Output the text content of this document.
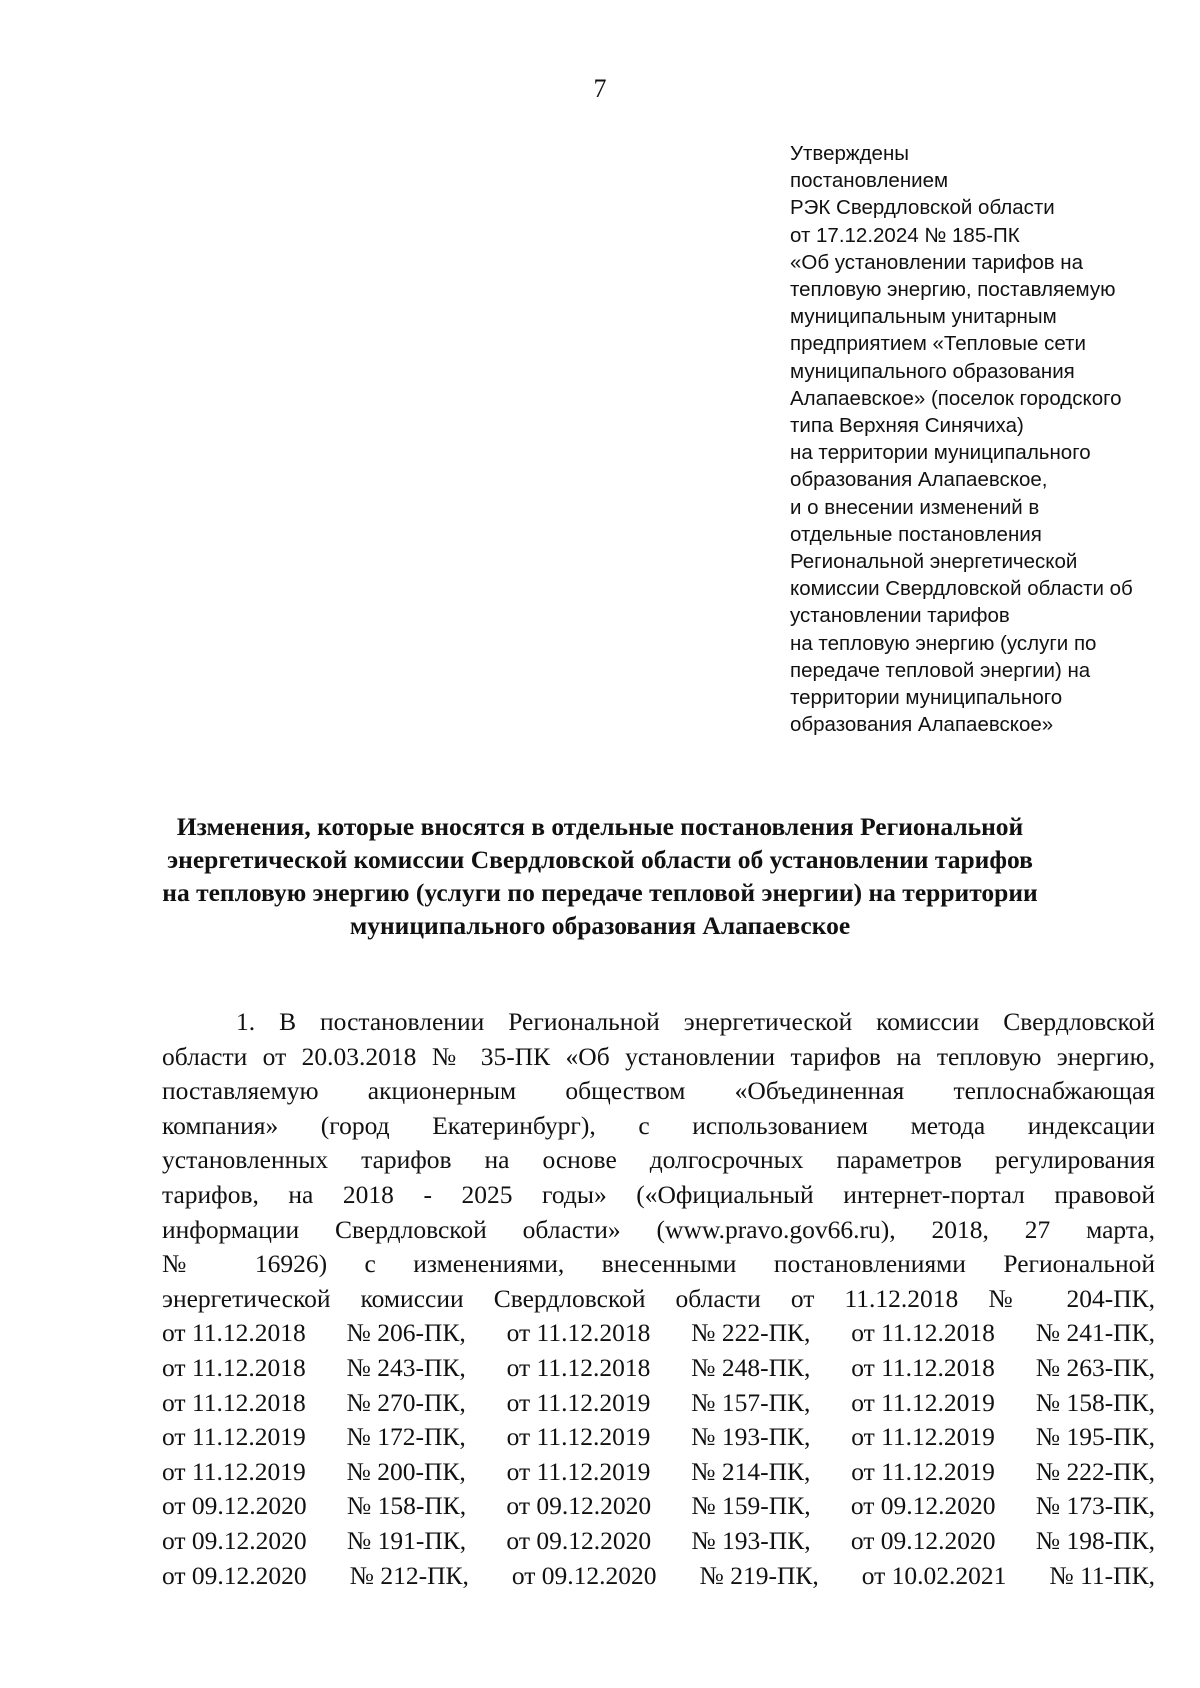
7
Утверждены
постановлением
РЭК Свердловской области
от 17.12.2024 № 185-ПК
«Об установлении тарифов на
тепловую энергию, поставляемую
муниципальным унитарным
предприятием «Тепловые сети
муниципального образования
Алапаевское» (поселок городского
типа Верхняя Синячиха)
на территории муниципального
образования Алапаевское,
и о внесении изменений в
отдельные постановления
Региональной энергетической
комиссии Свердловской области об
установлении тарифов
на тепловую энергию (услуги по
передаче тепловой энергии) на
территории муниципального
образования Алапаевское»
Изменения, которые вносятся в отдельные постановления Региональной
энергетической комиссии Свердловской области об установлении тарифов
на тепловую энергию (услуги по передаче тепловой энергии) на территории
муниципального образования Алапаевское
1. В постановлении Региональной энергетической комиссии Свердловской
области от 20.03.2018 № 35-ПК «Об установлении тарифов на тепловую энергию,
поставляемую акционерным обществом «Объединенная теплоснабжающая
компания» (город Екатеринбург), с использованием метода индексации
установленных тарифов на основе долгосрочных параметров регулирования
тарифов, на 2018 - 2025 годы» («Официальный интернет-портал правовой
информации Свердловской области» (www.pravo.gov66.ru), 2018, 27 марта,
№ 16926) с изменениями, внесенными постановлениями Региональной
энергетической комиссии Свердловской области от 11.12.2018 № 204-ПК,
от 11.12.2018 № 206-ПК, от 11.12.2018 № 222-ПК, от 11.12.2018 № 241-ПК,
от 11.12.2018 № 243-ПК, от 11.12.2018 № 248-ПК, от 11.12.2018 № 263-ПК,
от 11.12.2018 № 270-ПК, от 11.12.2019 № 157-ПК, от 11.12.2019 № 158-ПК,
от 11.12.2019 № 172-ПК, от 11.12.2019 № 193-ПК, от 11.12.2019 № 195-ПК,
от 11.12.2019 № 200-ПК, от 11.12.2019 № 214-ПК, от 11.12.2019 № 222-ПК,
от 09.12.2020 № 158-ПК, от 09.12.2020 № 159-ПК, от 09.12.2020 № 173-ПК,
от 09.12.2020 № 191-ПК, от 09.12.2020 № 193-ПК, от 09.12.2020 № 198-ПК,
от 09.12.2020 № 212-ПК, от 09.12.2020 № 219-ПК, от 10.02.2021 № 11-ПК,
